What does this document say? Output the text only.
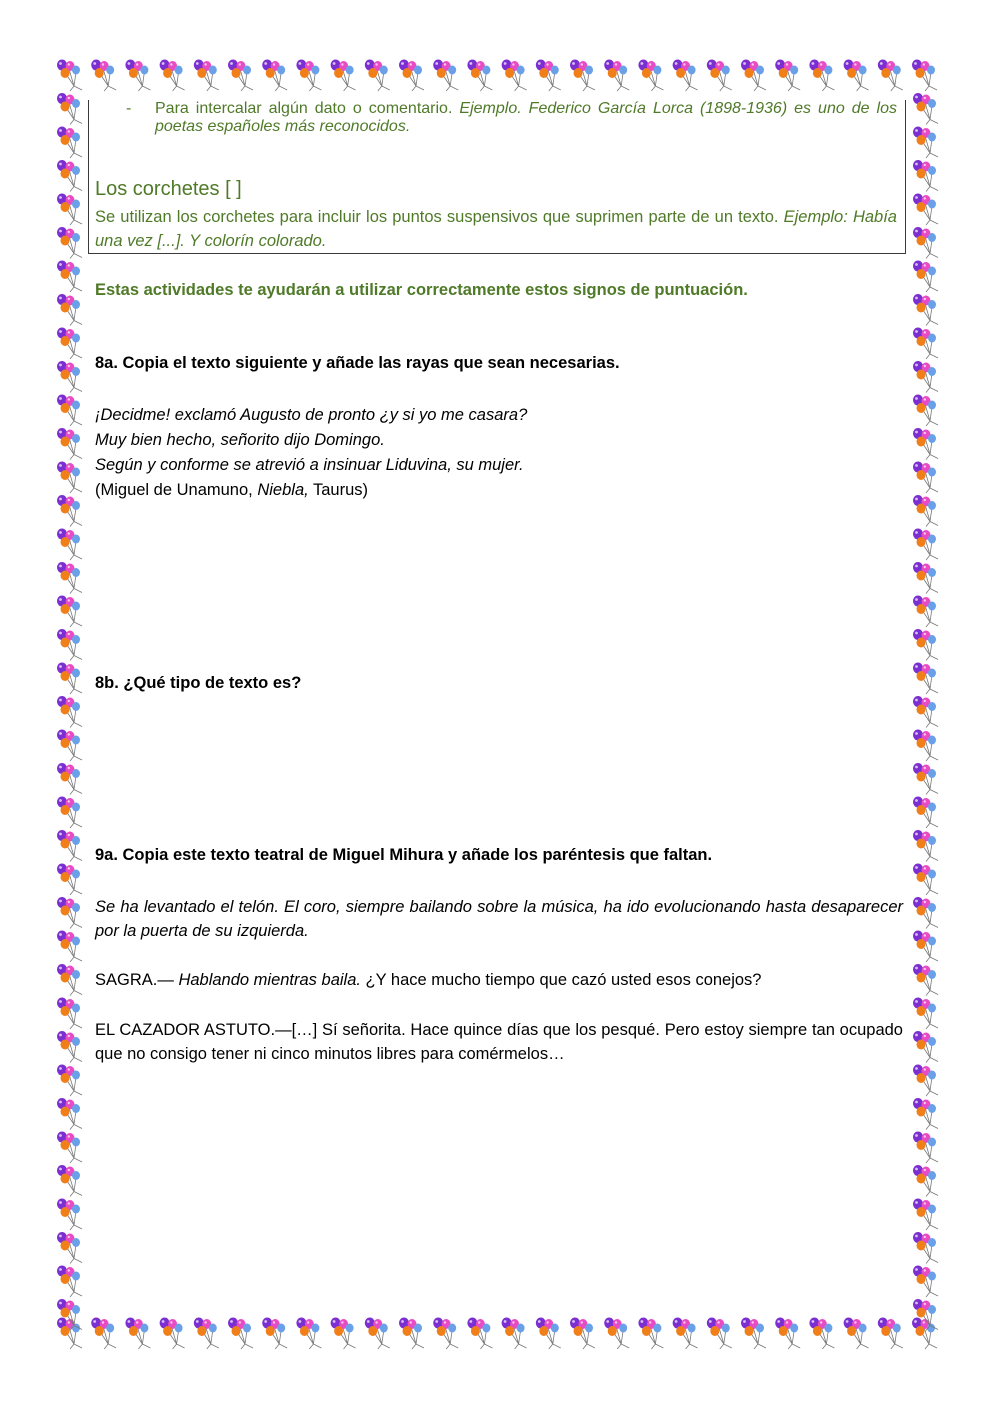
- Para intercalar algún dato o comentario. Ejemplo. Federico García Lorca (1898-1936) es uno de los poetas españoles más reconocidos.
Los corchetes [ ]
Se utilizan los corchetes para incluir los puntos suspensivos que suprimen parte de un texto. Ejemplo: Había una vez [...]. Y colorín colorado.
Estas actividades te ayudarán a utilizar correctamente estos signos de puntuación.
8a. Copia el texto siguiente y añade las rayas que sean necesarias.
¡Decidme! exclamó Augusto de pronto ¿y si yo me casara?
Muy bien hecho, señorito dijo Domingo.
Según y conforme se atrevió a insinuar Liduvina, su mujer.
(Miguel de Unamuno, Niebla, Taurus)
8b. ¿Qué tipo de texto es?
9a. Copia este texto teatral de Miguel Mihura y añade los paréntesis que faltan.
Se ha levantado el telón. El coro, siempre bailando sobre la música, ha ido evolucionando hasta desaparecer por la puerta de su izquierda.
SAGRA.— Hablando mientras baila. ¿Y hace mucho tiempo que cazó usted esos conejos?
EL CAZADOR ASTUTO.—[…] Sí señorita. Hace quince días que los pesqué. Pero estoy siempre tan ocupado que no consigo tener ni cinco minutos libres para comérmelos…
